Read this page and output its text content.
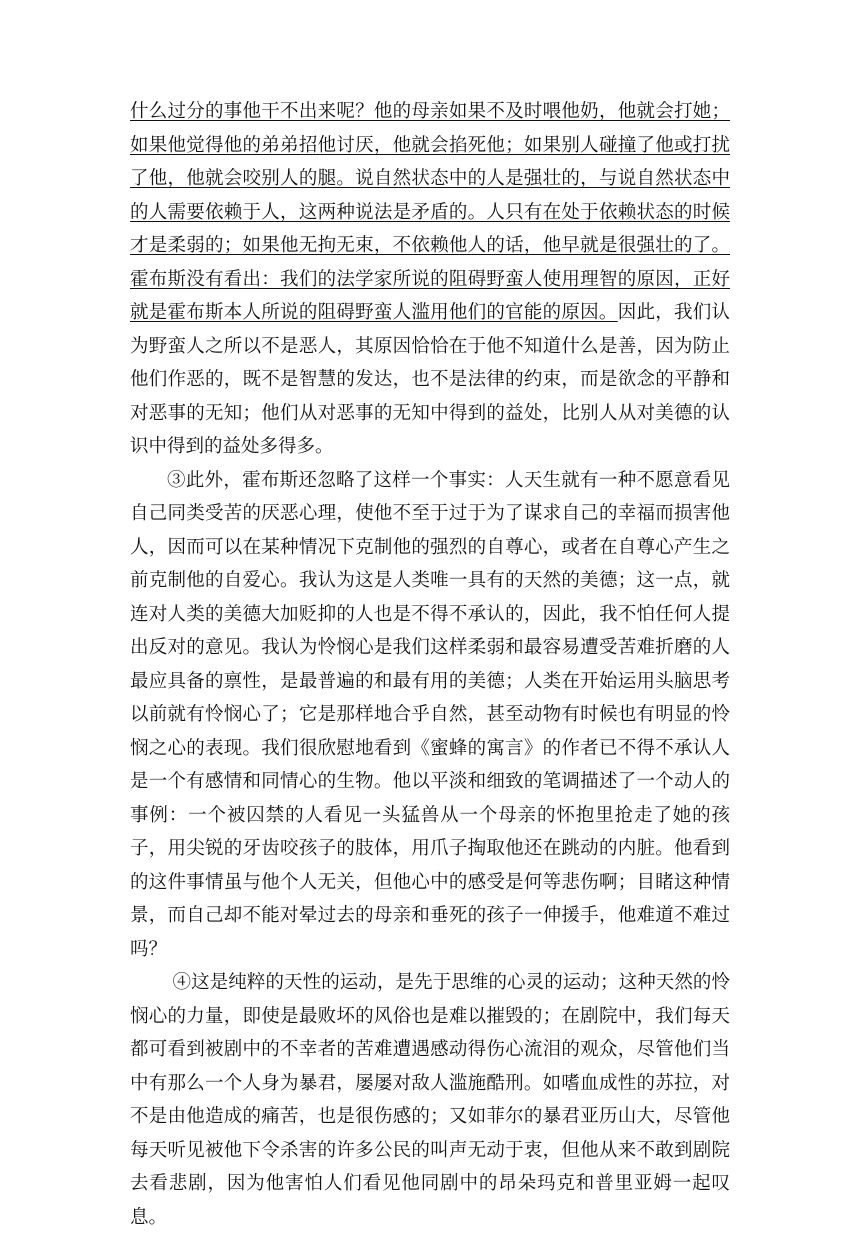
什么过分的事他干不出来呢？他的母亲如果不及时喂他奶，他就会打她；如果他觉得他的弟弟招他讨厌，他就会掐死他；如果别人碰撞了他或打扰了他，他就会咬别人的腿。说自然状态中的人是强壮的，与说自然状态中的人需要依赖于人，这两种说法是矛盾的。人只有在处于依赖状态的时候才是柔弱的；如果他无拘无束，不依赖他人的话，他早就是很强壮的了。霍布斯没有看出：我们的法学家所说的阻碍野蛮人使用理智的原因，正好就是霍布斯本人所说的阻碍野蛮人滥用他们的官能的原因。因此，我们认为野蛮人之所以不是恶人，其原因恰恰在于他不知道什么是善，因为防止他们作恶的，既不是智慧的发达，也不是法律的约束，而是欲念的平静和对恶事的无知；他们从对恶事的无知中得到的益处，比别人从对美德的认识中得到的益处多得多。

③此外，霍布斯还忽略了这样一个事实：人天生就有一种不愿意看见自己同类受苦的厌恶心理，使他不至于过于为了谋求自己的幸福而损害他人，因而可以在某种情况下克制他的强烈的自尊心，或者在自尊心产生之前克制他的自爱心。我认为这是人类唯一具有的天然的美德；这一点，就连对人类的美德大加贬抑的人也是不得不承认的，因此，我不怕任何人提出反对的意见。我认为怜悯心是我们这样柔弱和最容易遭受苦难折磨的人最应具备的禀性，是最普遍的和最有用的美德；人类在开始运用头脑思考以前就有怜悯心了；它是那样地合乎自然，甚至动物有时候也有明显的怜悯之心的表现。我们很欣慰地看到《蜜蜂的寓言》的作者已不得不承认人是一个有感情和同情心的生物。他以平淡和细致的笔调描述了一个动人的事例：一个被囚禁的人看见一头猛兽从一个母亲的怀抱里抢走了她的孩子，用尖锐的牙齿咬孩子的肢体，用爪子掏取他还在跳动的内脏。他看到的这件事情虽与他个人无关，但他心中的感受是何等悲伤啊；目睹这种情景，而自己却不能对晕过去的母亲和垂死的孩子一伸援手，他难道不难过吗？

④这是纯粹的天性的运动，是先于思维的心灵的运动；这种天然的怜悯心的力量，即使是最败坏的风俗也是难以摧毁的；在剧院中，我们每天都可看到被剧中的不幸者的苦难遭遇感动得伤心流泪的观众，尽管他们当中有那么一个人身为暴君，屡屡对敌人滥施酷刑。如嗜血成性的苏拉，对不是由他造成的痛苦，也是很伤感的；又如菲尔的暴君亚历山大，尽管他每天听见被他下令杀害的许多公民的叫声无动于衷，但他从来不敢到剧院去看悲剧，因为他害怕人们看见他同剧中的昂朵玛克和普里亚姆一起叹息。
